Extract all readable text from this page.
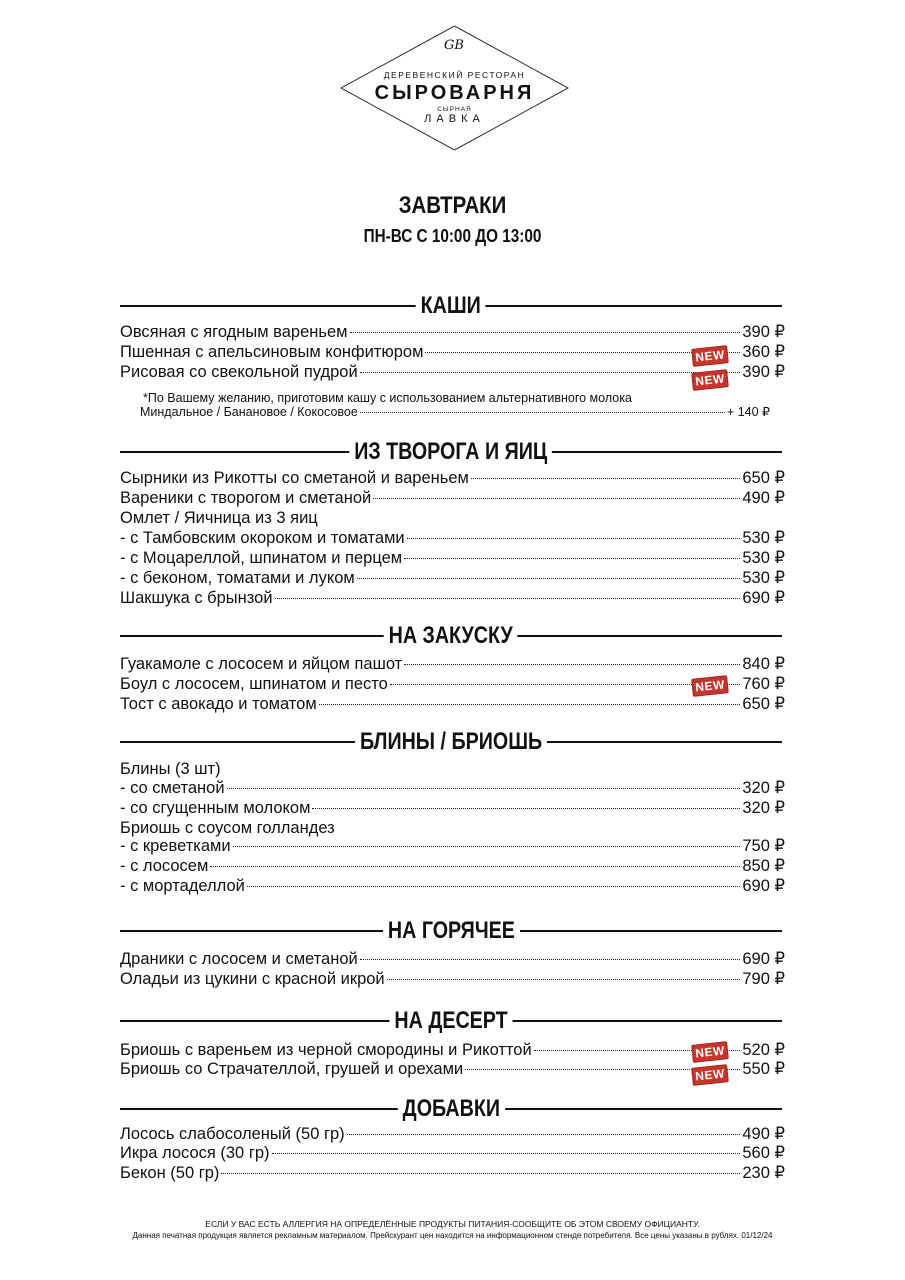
GB
ДЕРЕВЕНСКИЙ РЕСТОРАН
СЫРОВАРНЯ
СЫРНАЯ
ЛАВКА
ЗАВТРАКИ
ПН-ВС С 10:00 ДО 13:00
КАШИ
Овсяная с ягодным вареньем	390 ₽
Пшенная с апельсиновым конфитюром	360 ₽
Рисовая со свекольной пудрой	390 ₽
NEW
NEW
*По Вашему желанию, приготовим кашу с использованием альтернативного молока
Миндальное / Банановое / Кокосовое	+ 140 ₽
ИЗ ТВОРОГА И ЯИЦ
Сырники из Рикотты со сметаной и вареньем	650 ₽
Вареники с творогом и сметаной	490 ₽
Омлет / Яичница из 3 яиц
- с Тамбовским окороком и томатами	530 ₽
- с Моцареллой, шпинатом и перцем	530 ₽
- с беконом, томатами и луком	530 ₽
Шакшука с брынзой	690 ₽
НА ЗАКУСКУ
Гуакамоле с лососем и яйцом пашот	840 ₽
Боул с лососем, шпинатом и песто	760 ₽
Тост с авокадо и томатом	650 ₽
NEW
БЛИНЫ / БРИОШЬ
Блины (3 шт)
- со сметаной	320 ₽
- со сгущенным молоком	320 ₽
Бриошь с соусом голландез
- с креветками	750 ₽
- с лососем	850 ₽
- с мортаделлой	690 ₽
НА ГОРЯЧЕЕ
Драники с лососем и сметаной	690 ₽
Оладьи из цукини с красной икрой	790 ₽
НА ДЕСЕРТ
Бриошь с вареньем из черной смородины и Рикоттой	520 ₽
Бриошь со Страчателлой, грушей и орехами	550 ₽
NEW
NEW
ДОБАВКИ
Лосось слабосоленый (50 гр)	490 ₽
Икра лосося (30 гр)	560 ₽
Бекон (50 гр)	230 ₽
ЕСЛИ У ВАС ЕСТЬ АЛЛЕРГИЯ НА ОПРЕДЕЛЁННЫЕ ПРОДУКТЫ ПИТАНИЯ-СООБЩИТЕ ОБ ЭТОМ СВОЕМУ ОФИЦИАНТУ.
Данная печатная продукция является рекламным материалом. Прейскурант цен находится на информационном стенде потребителя. Все цены указаны в рублях. 01/12/24
